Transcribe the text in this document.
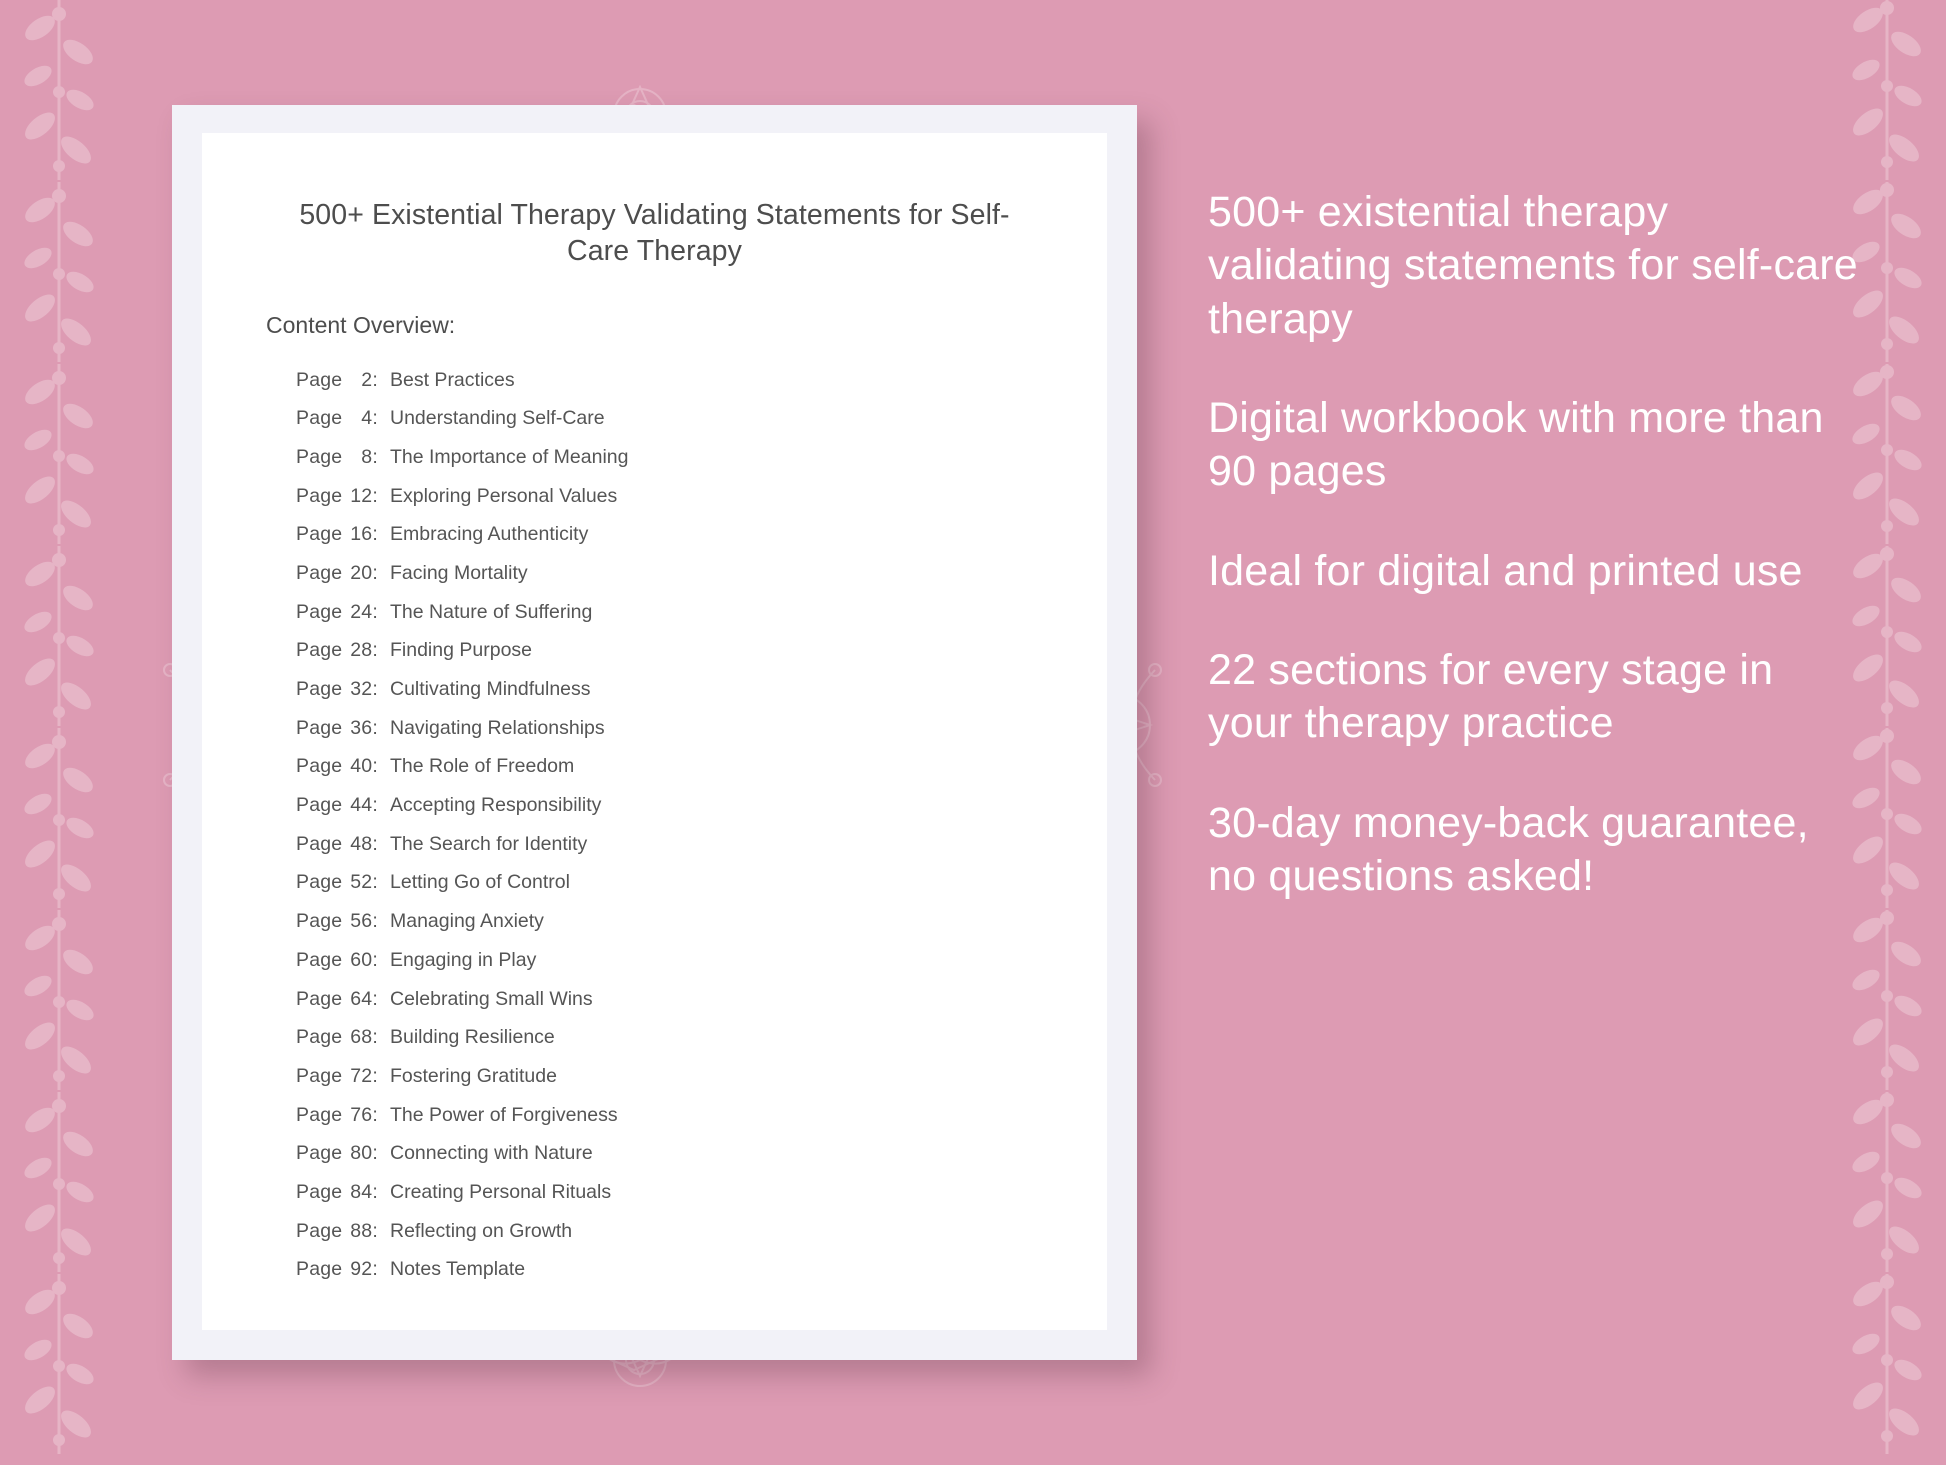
500+ Existential Therapy Validating Statements for Self-Care Therapy
Content Overview:
Page 2: Best Practices
Page 4: Understanding Self-Care
Page 8: The Importance of Meaning
Page 12: Exploring Personal Values
Page 16: Embracing Authenticity
Page 20: Facing Mortality
Page 24: The Nature of Suffering
Page 28: Finding Purpose
Page 32: Cultivating Mindfulness
Page 36: Navigating Relationships
Page 40: The Role of Freedom
Page 44: Accepting Responsibility
Page 48: The Search for Identity
Page 52: Letting Go of Control
Page 56: Managing Anxiety
Page 60: Engaging in Play
Page 64: Celebrating Small Wins
Page 68: Building Resilience
Page 72: Fostering Gratitude
Page 76: The Power of Forgiveness
Page 80: Connecting with Nature
Page 84: Creating Personal Rituals
Page 88: Reflecting on Growth
Page 92: Notes Template

500+ existential therapy validating statements for self-care therapy

Digital workbook with more than 90 pages

Ideal for digital and printed use

22 sections for every stage in your therapy practice

30-day money-back guarantee, no questions asked!
